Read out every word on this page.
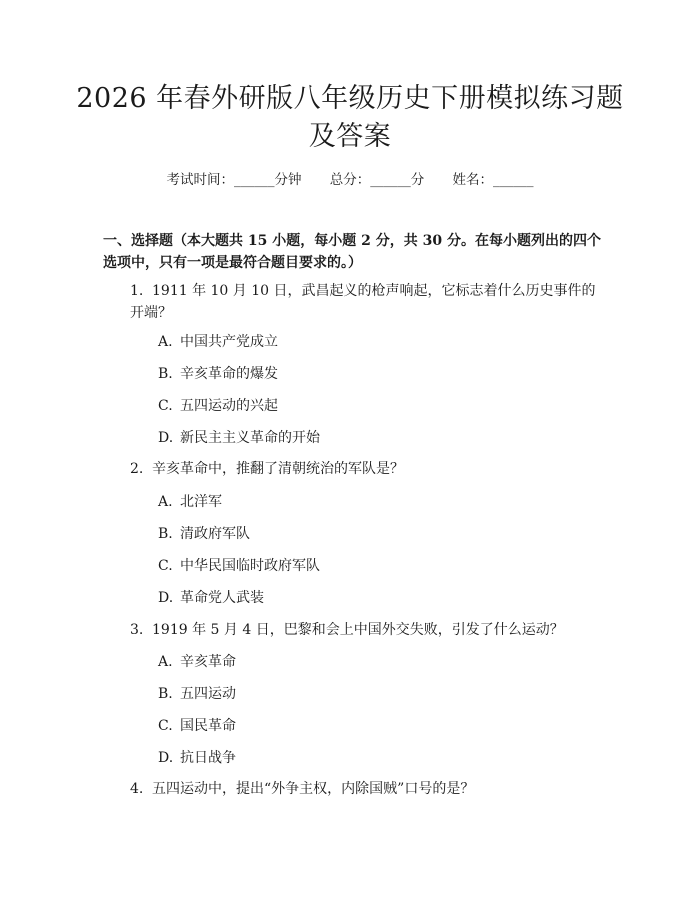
2026 年春外研版八年级历史下册模拟练习题及答案
考试时间：______分钟 总分：______分 姓名：______
一、选择题（本大题共 15 小题，每小题 2 分，共 30 分。在每小题列出的四个选项中，只有一项是最符合题目要求的。）
1. 1911 年 10 月 10 日，武昌起义的枪声响起，它标志着什么历史事件的开端？
A. 中国共产党成立
B. 辛亥革命的爆发
C. 五四运动的兴起
D. 新民主主义革命的开始
2. 辛亥革命中，推翻了清朝统治的军队是？
A. 北洋军
B. 清政府军队
C. 中华民国临时政府军队
D. 革命党人武装
3. 1919 年 5 月 4 日，巴黎和会上中国外交失败，引发了什么运动？
A. 辛亥革命
B. 五四运动
C. 国民革命
D. 抗日战争
4. 五四运动中，提出“外争主权，内除国贼”口号的是？
